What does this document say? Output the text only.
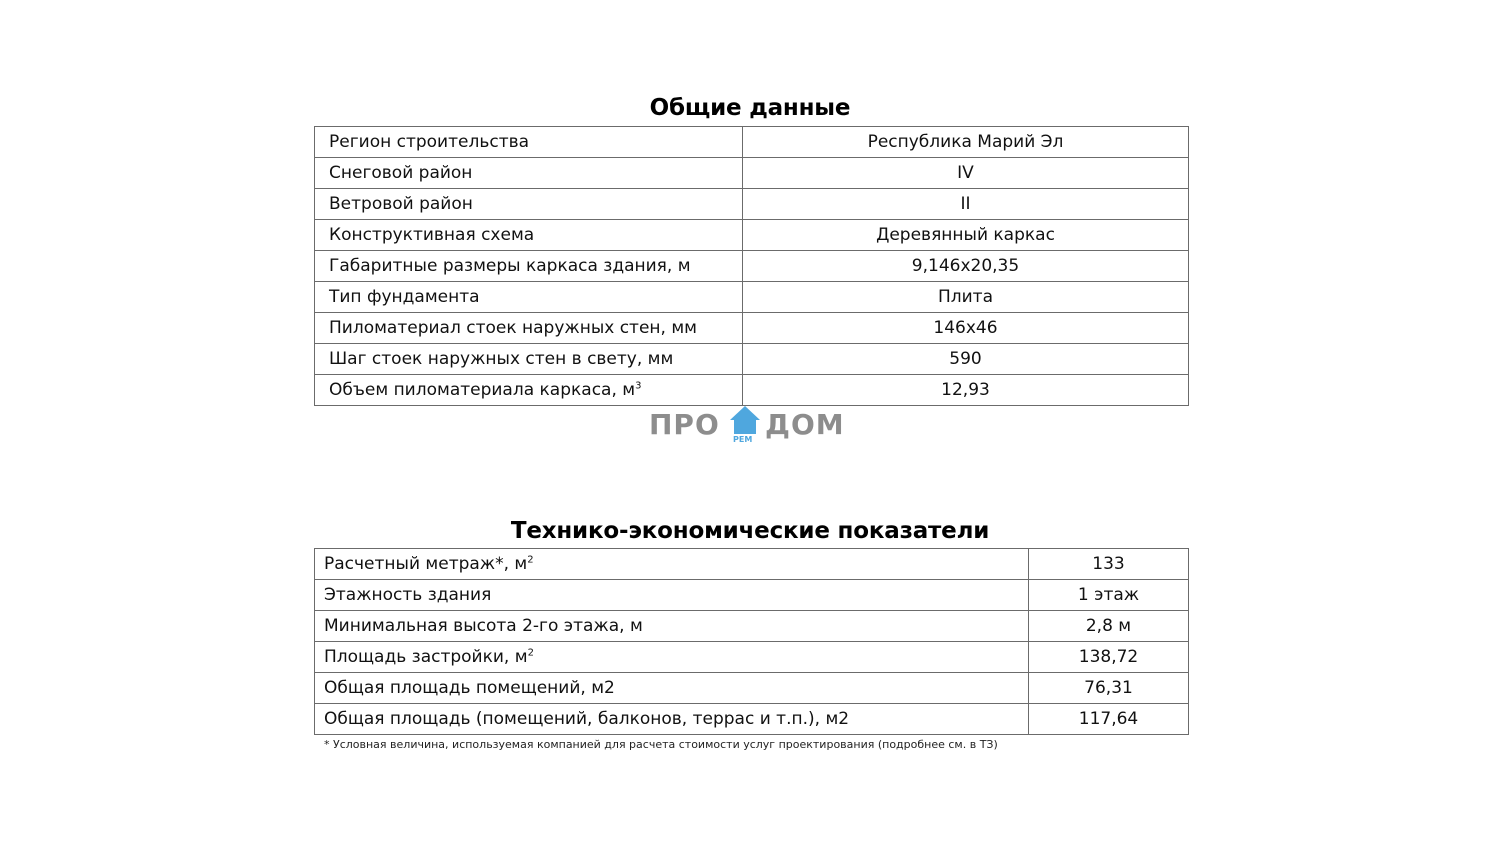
Общие данные
Регион строительства	Республика Марий Эл
Снеговой район	IV
Ветровой район	II
Конструктивная схема	Деревянный каркас
Габаритные размеры каркаса здания, м	9,146x20,35
Тип фундамента	Плита
Пиломатериал стоек наружных стен, мм	146x46
Шаг стоек наружных стен в свету, мм	590
Объем пиломатериала каркаса, $м^3$	12,93
ПРО РЕМ ДОМ
Технико-экономические показатели
Расчетный метраж*, $м^2$	133
Этажность здания	1 этаж
Минимальная высота 2-го этажа, м	2,8 м
Площадь застройки, $м^2$	138,72
Общая площадь помещений, м2	76,31
Общая площадь (помещений, балконов, террас и т.п.), м2	117,64
* Условная величина, используемая компанией для расчета стоимости услуг проектирования (подробнее см. в ТЗ)
